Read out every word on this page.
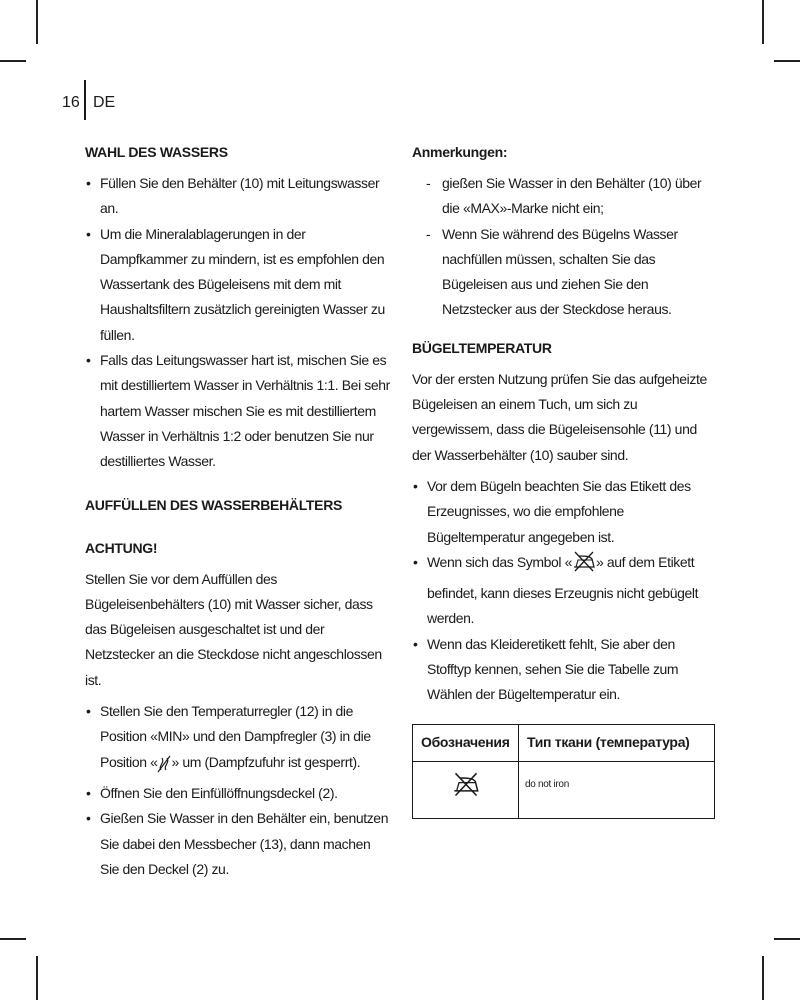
16 DE
WAHL DES WASSERS
• Füllen Sie den Behälter (10) mit Leitungswasser an.
• Um die Mineralablagerungen in der Dampfkammer zu mindern, ist es empfohlen den Wassertank des Bügeleisens mit dem mit Haushaltsfiltern zusätzlich gereinigten Wasser zu füllen.
• Falls das Leitungswasser hart ist, mischen Sie es mit destilliertem Wasser in Verhältnis 1:1. Bei sehr hartem Wasser mischen Sie es mit destilliertem Wasser in Verhältnis 1:2 oder benutzen Sie nur destilliertes Wasser.
AUFFÜLLEN DES WASSERBEHÄLTERS
ACHTUNG!

Stellen Sie vor dem Auffüllen des Bügeleisenbehälters (10) mit Wasser sicher, dass das Bügeleisen ausgeschaltet ist und der Netzstecker an die Steckdose nicht angeschlossen ist.

• Stellen Sie den Temperaturregler (12) in die Position «MIN» und den Dampfregler (3) in die Position « » um (Dampfzufuhr ist gesperrt).
• Öffnen Sie den Einfüllöffnungsdeckel (2).
• Gießen Sie Wasser in den Behälter ein, benutzen Sie dabei den Messbecher (13), dann machen Sie den Deckel (2) zu.
Anmerkungen:
- gießen Sie Wasser in den Behälter (10) über die «MAX»-Marke nicht ein;
- Wenn Sie während des Bügelns Wasser nachfüllen müssen, schalten Sie das Bügeleisen aus und ziehen Sie den Netzstecker aus der Steckdose heraus.
BÜGELTEMPERATUR

Vor der ersten Nutzung prüfen Sie das aufgeheizte Bügeleisen an einem Tuch, um sich zu vergewissem, dass die Bügeleisensohle (11) und der Wasserbehälter (10) sauber sind.

• Vor dem Bügeln beachten Sie das Etikett des Erzeugnisses, wo die empfohlene Bügeltemperatur angegeben ist.
• Wenn sich das Symbol « » auf dem Etikett befindet, kann dieses Erzeugnis nicht gebügelt werden.
• Wenn das Kleideretikett fehlt, Sie aber den Stofftyp kennen, sehen Sie die Tabelle zum Wählen der Bügeltemperatur ein.
Обозначения	Тип ткани (температура)
	do not iron
